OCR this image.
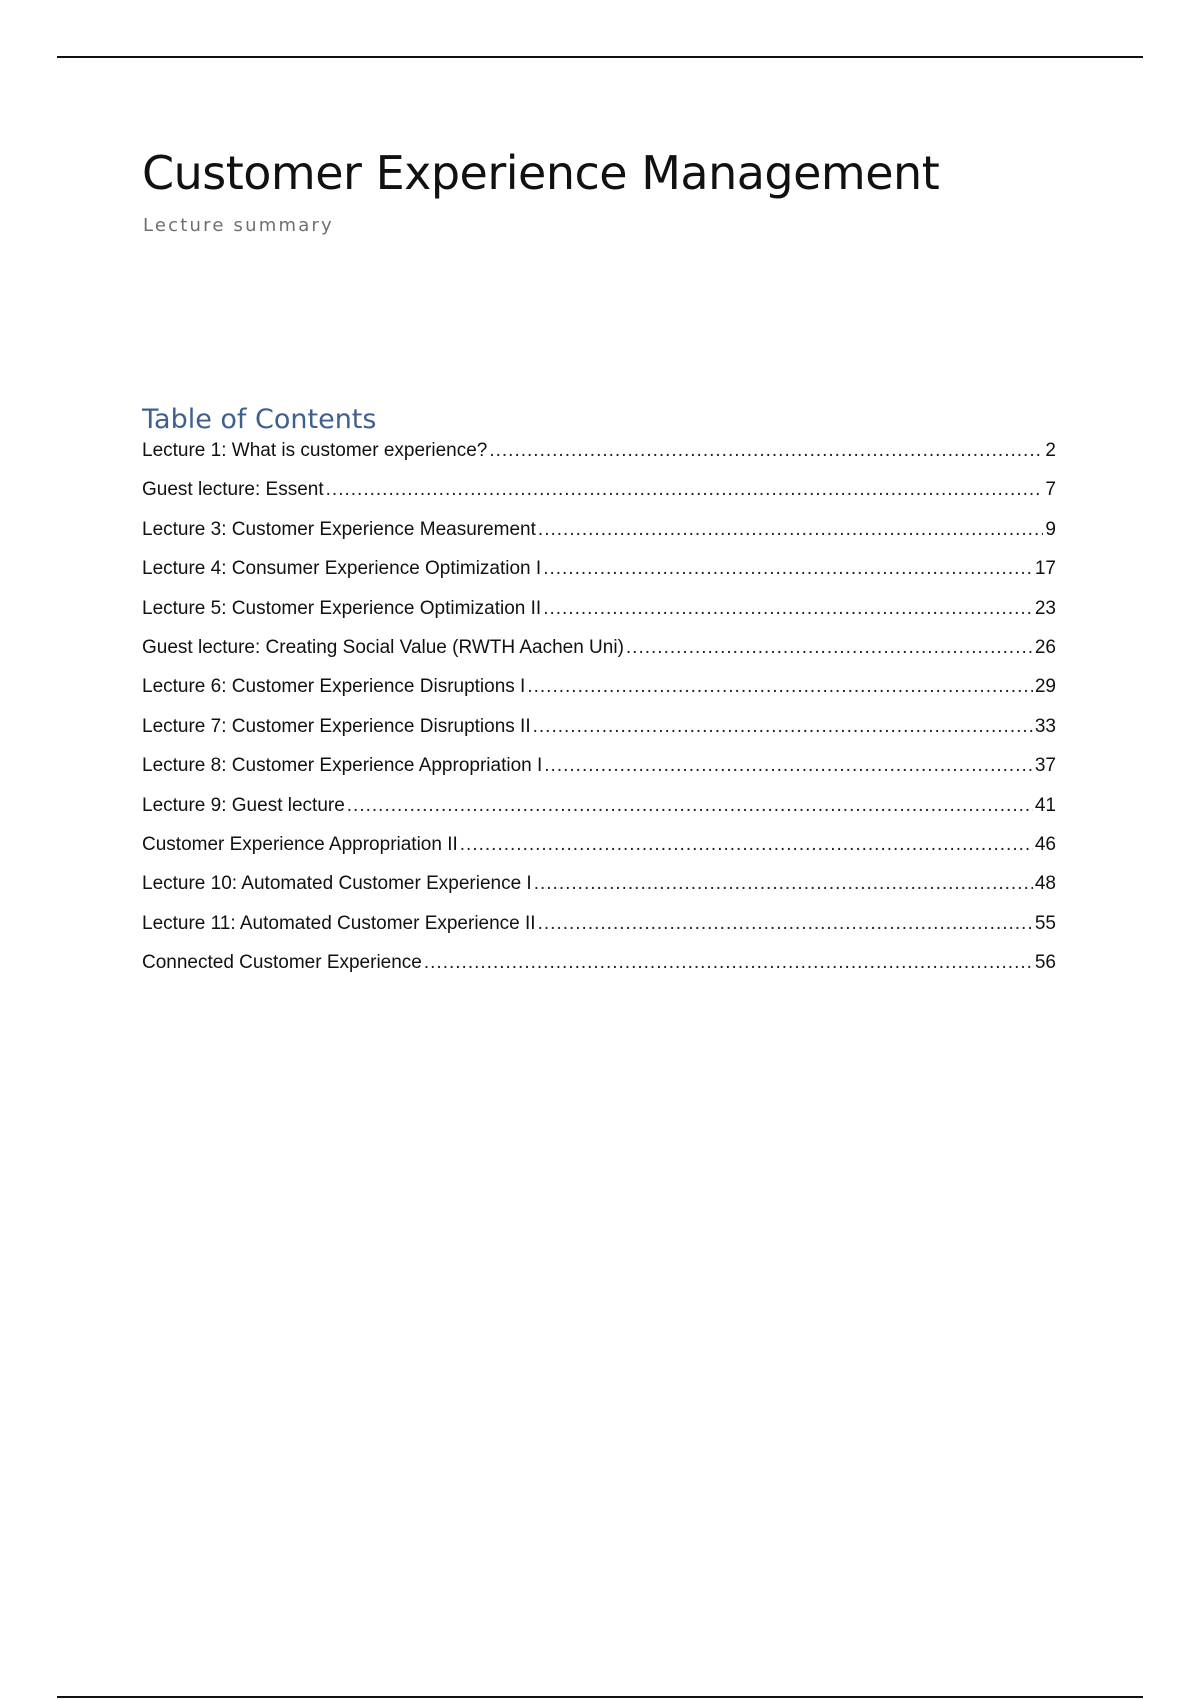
Customer Experience Management
Lecture summary
Table of Contents
Lecture 1: What is customer experience? .....	2
Guest lecture: Essent .....	7
Lecture 3: Customer Experience Measurement .....	9
Lecture 4: Consumer Experience Optimization I .....	17
Lecture 5: Customer Experience Optimization II .....	23
Guest lecture: Creating Social Value (RWTH Aachen Uni) .....	26
Lecture 6: Customer Experience Disruptions I .....	29
Lecture 7: Customer Experience Disruptions II .....	33
Lecture 8: Customer Experience Appropriation I .....	37
Lecture 9: Guest lecture .....	41
Customer Experience Appropriation II .....	46
Lecture 10: Automated Customer Experience I .....	48
Lecture 11: Automated Customer Experience II .....	55
Connected Customer Experience .....	56
